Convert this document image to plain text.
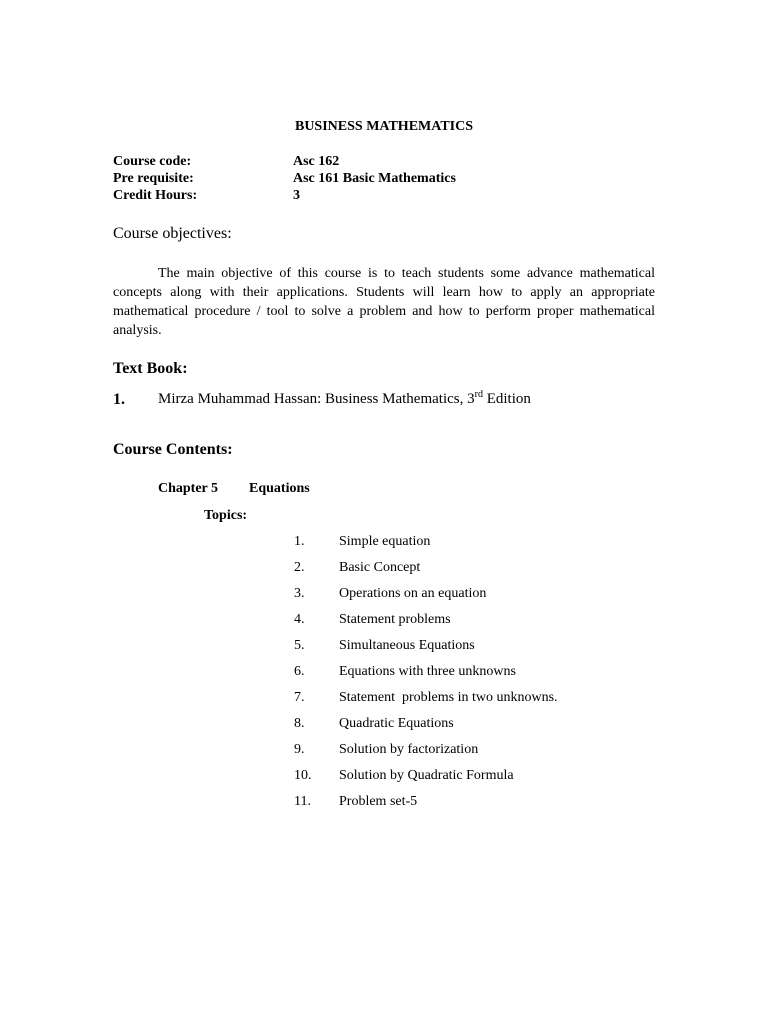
BUSINESS MATHEMATICS
Course code:	Asc 162
Pre requisite:	Asc 161 Basic Mathematics
Credit Hours:	3
Course objectives:
The main objective of this course is to teach students some advance mathematical concepts along with their applications. Students will learn how to apply an appropriate mathematical procedure / tool to solve a problem and how to perform proper mathematical analysis.
Text Book:
1. Mirza Muhammad Hassan: Business Mathematics, 3rd Edition
Course Contents:
Chapter 5 Equations
Topics:
1. Simple equation
2. Basic Concept
3. Operations on an equation
4. Statement problems
5. Simultaneous Equations
6. Equations with three unknowns
7. Statement  problems in two unknowns.
8. Quadratic Equations
9. Solution by factorization
10. Solution by Quadratic Formula
11. Problem set-5
